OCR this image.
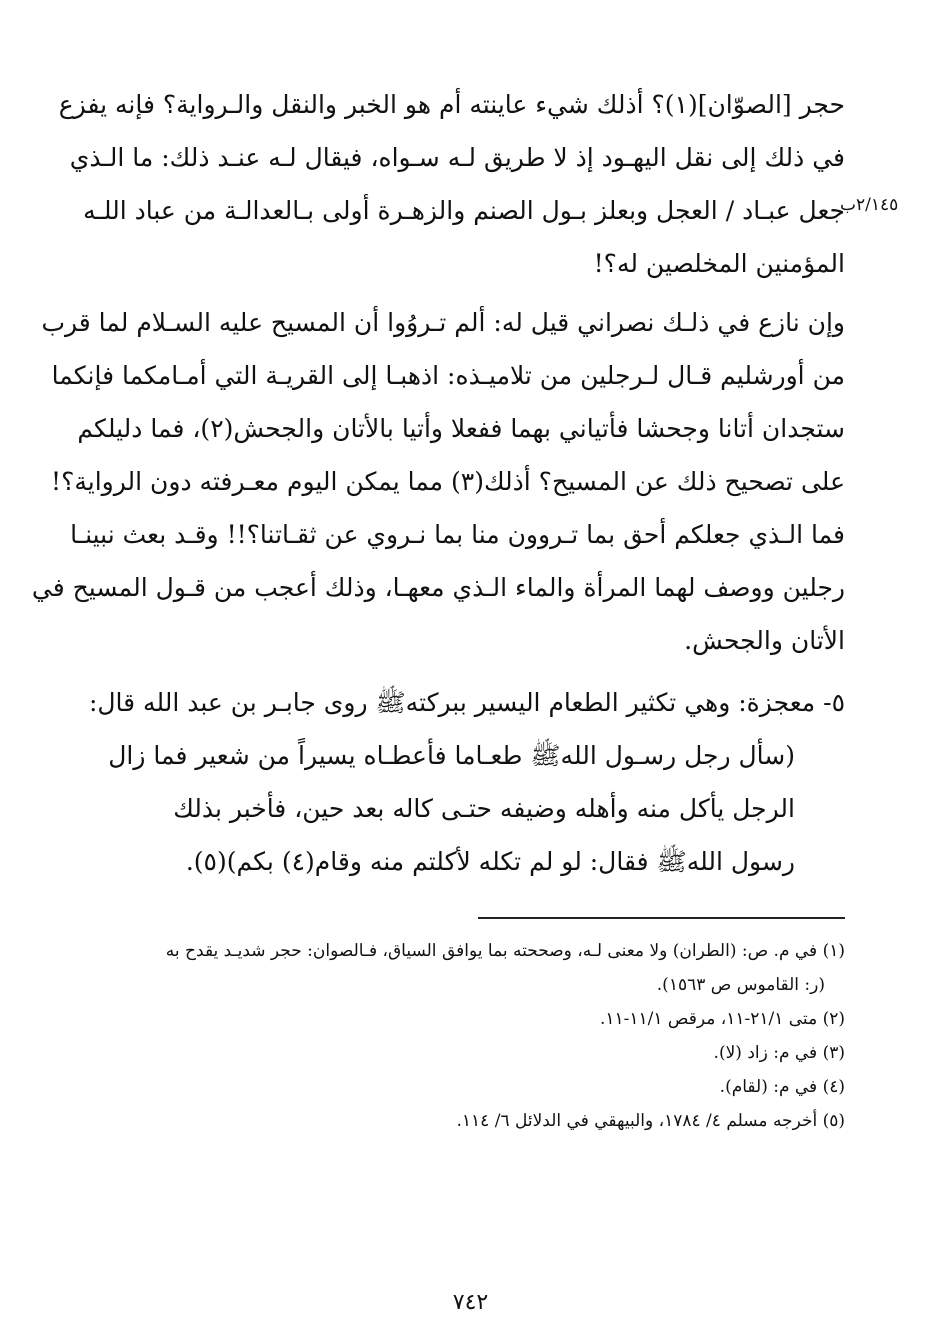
٢/١٤٥ب
حجر [الصوّان](١)؟ أذلك شيء عاينته أم هو الخبر والنقل والـرواية؟ فإنه يفزع
في ذلك إلى نقل اليهـود إذ لا طريق لـه سـواه، فيقال لـه عنـد ذلك: ما الـذي
جعل عبـاد / العجل وبعلز بـول الصنم والزهـرة أولى بـالعدالـة من عباد اللـه
المؤمنين المخلصين له؟!
وإن نازع في ذلـك نصراني قيل له: ألم تـروُوا أن المسيح عليه السـلام لما قرب
من أورشليم قـال لـرجلين من تلاميـذه: اذهبـا إلى القريـة التي أمـامكما فإنكما
ستجدان أتانا وجحشا فأتياني بهما ففعلا وأتيا بالأتان والجحش(٢)، فما دليلكم
على تصحيح ذلك عن المسيح؟ أذلك(٣) مما يمكن اليوم معـرفته دون الرواية؟!
فما الـذي جعلكم أحق بما تـروون منا بما نـروي عن ثقـاتنا؟!! وقـد بعث نبينـا
رجلين ووصف لهما المرأة والماء الـذي معهـا، وذلك أعجب من قـول المسيح في
الأتان والجحش.
٥- معجزة: وهي تكثير الطعام اليسير ببركتهﷺ روى جابـر بن عبد الله قال:
(سأل رجل رسـول اللهﷺ طعـاما فأعطـاه يسيراً من شعير فما زال
الرجل يأكل منه وأهله وضيفه حتـى كاله بعد حين، فأخبر بذلك
رسول اللهﷺ فقال: لو لم تكله لأكلتم منه وقام(٤) بكم)(٥).
(١) في م. ص: (الطران) ولا معنى لـه، وصححته بما يوافق السياق، فـالصوان: حجر شديـد يقدح به
(ر: القاموس ص ١٥٦٣).
(٢) متى ٢١/١-١١، مرقص ١١/١-١١.
(٣) في م: زاد (لا).
(٤) في م: (لقام).
(٥) أخرجه مسلم ٤/ ١٧٨٤، والبيهقي في الدلائل ٦/ ١١٤.
٧٤٢
